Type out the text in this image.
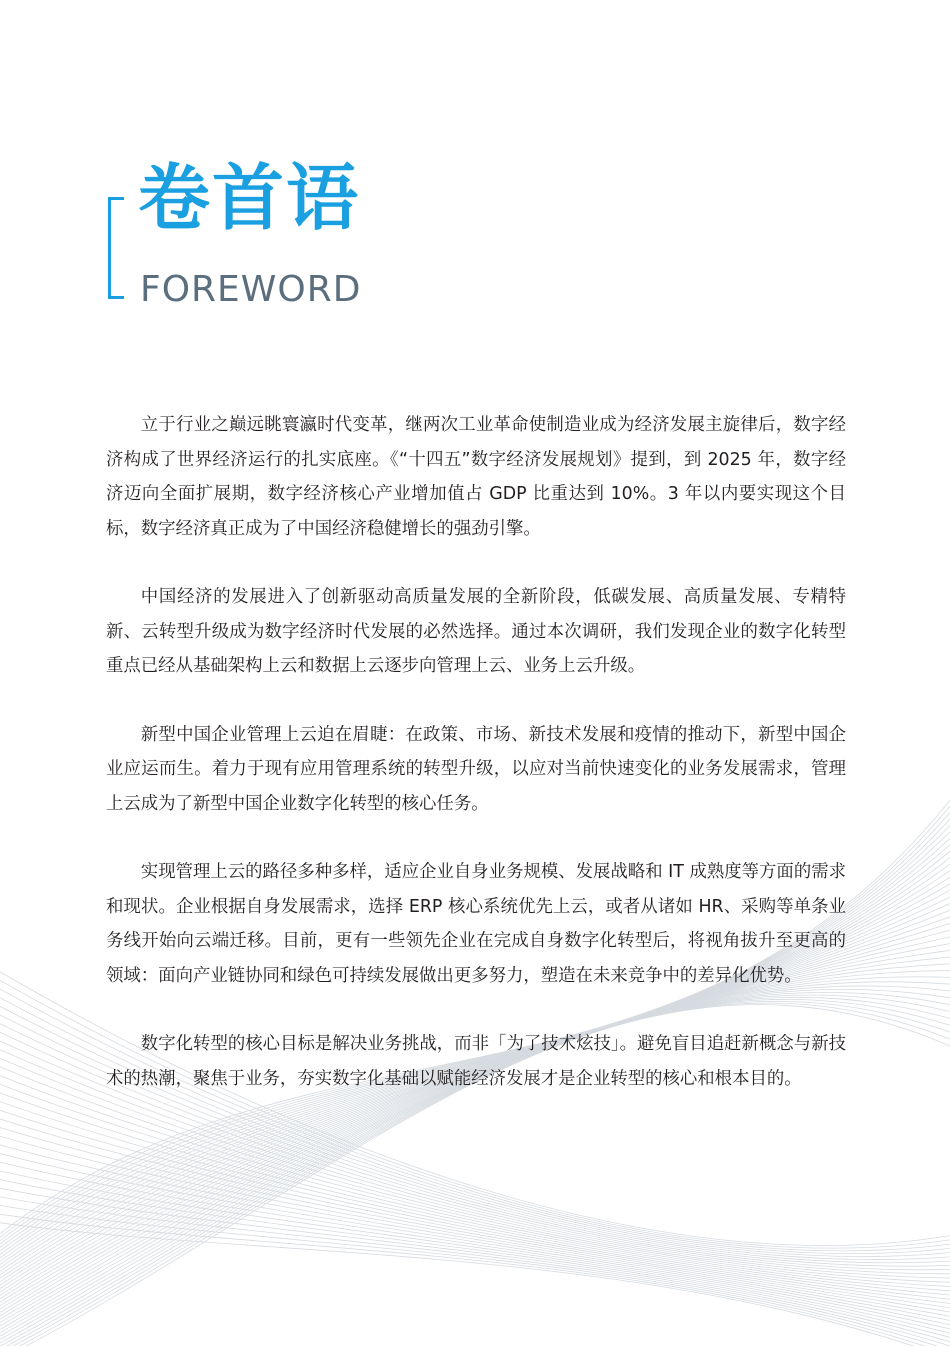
卷首语
FOREWORD

立于行业之巅远眺寰瀛时代变革，继两次工业革命使制造业成为经济发展主旋律后，数字经济构成了世界经济运行的扎实底座。《“十四五”数字经济发展规划》提到，到 2025 年，数字经济迈向全面扩展期，数字经济核心产业增加值占 GDP 比重达到 10%。3 年以内要实现这个目标，数字经济真正成为了中国经济稳健增长的强劲引擎。

中国经济的发展进入了创新驱动高质量发展的全新阶段，低碳发展、高质量发展、专精特新、云转型升级成为数字经济时代发展的必然选择。通过本次调研，我们发现企业的数字化转型重点已经从基础架构上云和数据上云逐步向管理上云、业务上云升级。

新型中国企业管理上云迫在眉睫：在政策、市场、新技术发展和疫情的推动下，新型中国企业应运而生。着力于现有应用管理系统的转型升级，以应对当前快速变化的业务发展需求，管理上云成为了新型中国企业数字化转型的核心任务。

实现管理上云的路径多种多样，适应企业自身业务规模、发展战略和 IT 成熟度等方面的需求和现状。企业根据自身发展需求，选择 ERP 核心系统优先上云，或者从诸如 HR、采购等单条业务线开始向云端迁移。目前，更有一些领先企业在完成自身数字化转型后，将视角拔升至更高的领域：面向产业链协同和绿色可持续发展做出更多努力，塑造在未来竞争中的差异化优势。

数字化转型的核心目标是解决业务挑战，而非「为了技术炫技」。避免盲目追赶新概念与新技术的热潮，聚焦于业务，夯实数字化基础以赋能经济发展才是企业转型的核心和根本目的。
